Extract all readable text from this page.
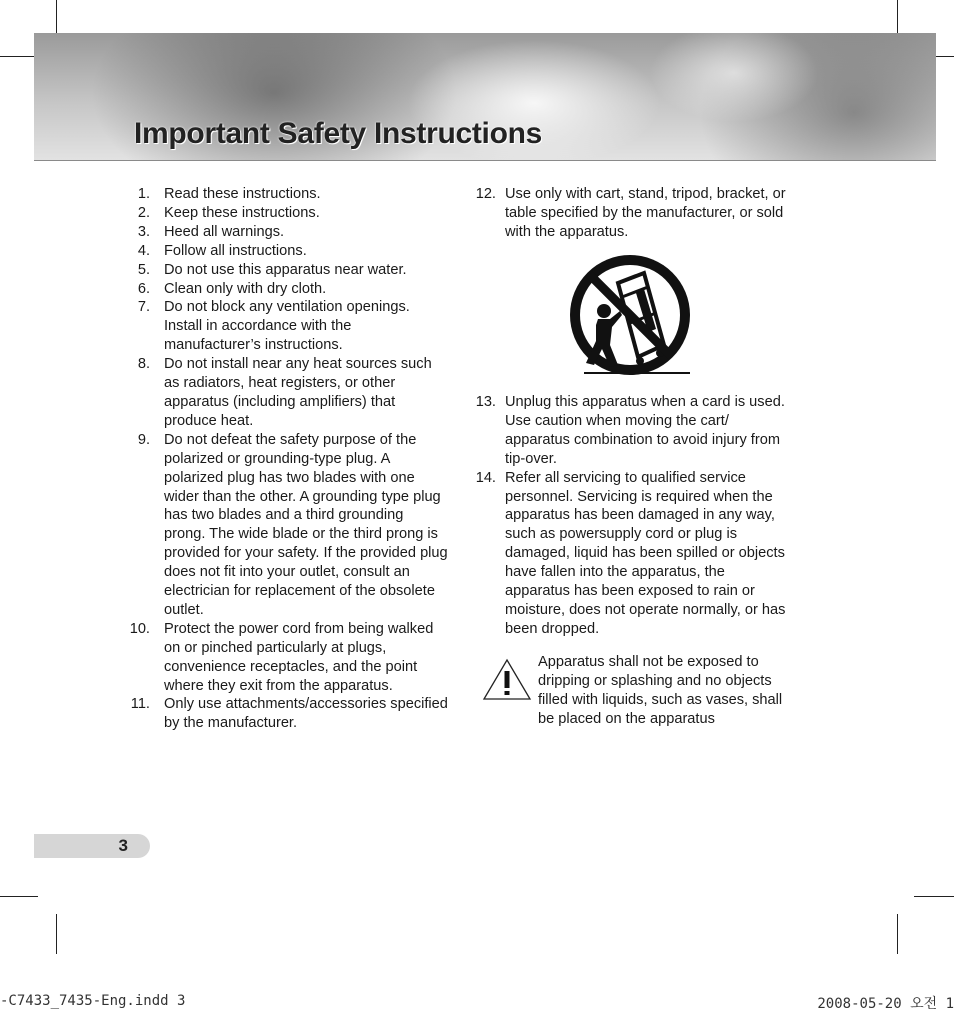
Important Safety Instructions
1. Read these instructions.
2. Keep these instructions.
3. Heed all warnings.
4. Follow all instructions.
5. Do not use this apparatus near water.
6. Clean only with dry cloth.
7. Do not block any ventilation openings. Install in accordance with the manufacturer’s instructions.
8. Do not install near any heat sources such as radiators, heat registers, or other apparatus (including amplifiers) that produce heat.
9. Do not defeat the safety purpose of the polarized or grounding-type plug. A polarized plug has two blades with one wider than the other. A grounding type plug has two blades and a third grounding prong. The wide blade or the third prong is provided for your safety. If the provided plug does not fit into your outlet, consult an electrician for replacement of the obsolete outlet.
10. Protect the power cord from being walked on or pinched particularly at plugs, convenience receptacles, and the point where they exit from the apparatus.
11. Only use attachments/accessories specified by the manufacturer.
12. Use only with cart, stand, tripod, bracket, or table specified by the manufacturer, or sold with the apparatus.
13. Unplug this apparatus when a card is used. Use caution when moving the cart/ apparatus combination to avoid injury from tip-over.
14. Refer all servicing to qualified service personnel. Servicing is required when the apparatus has been damaged in any way, such as powersupply cord or plug is damaged, liquid has been spilled or objects have fallen into the apparatus, the apparatus has been exposed to rain or moisture, does not operate normally, or has been dropped.
Apparatus shall not be exposed to dripping or splashing and no objects filled with liquids, such as vases, shall be placed on the apparatus
3
-C7433_7435-Eng.indd 3	2008-05-20 오전 1
